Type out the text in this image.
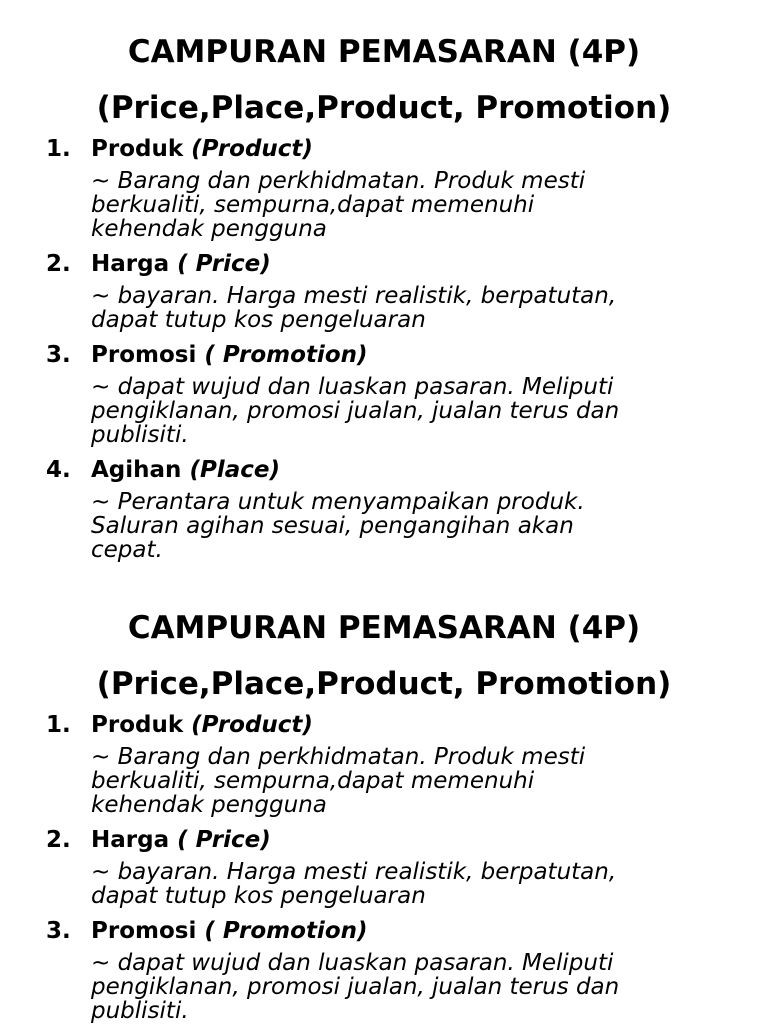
CAMPURAN PEMASARAN (4P)
(Price,Place,Product, Promotion)
1. Produk (Product)
~ Barang dan perkhidmatan. Produk mesti
berkualiti, sempurna,dapat memenuhi
kehendak pengguna
2. Harga ( Price)
~ bayaran. Harga mesti realistik, berpatutan,
dapat tutup kos pengeluaran
3. Promosi ( Promotion)
~ dapat wujud dan luaskan pasaran. Meliputi
pengiklanan, promosi jualan, jualan terus dan
publisiti.
4. Agihan (Place)
~ Perantara untuk menyampaikan produk.
Saluran agihan sesuai, pengangihan akan
cepat.
CAMPURAN PEMASARAN (4P)
(Price,Place,Product, Promotion)
1. Produk (Product)
~ Barang dan perkhidmatan. Produk mesti
berkualiti, sempurna,dapat memenuhi
kehendak pengguna
2. Harga ( Price)
~ bayaran. Harga mesti realistik, berpatutan,
dapat tutup kos pengeluaran
3. Promosi ( Promotion)
~ dapat wujud dan luaskan pasaran. Meliputi
pengiklanan, promosi jualan, jualan terus dan
publisiti.
